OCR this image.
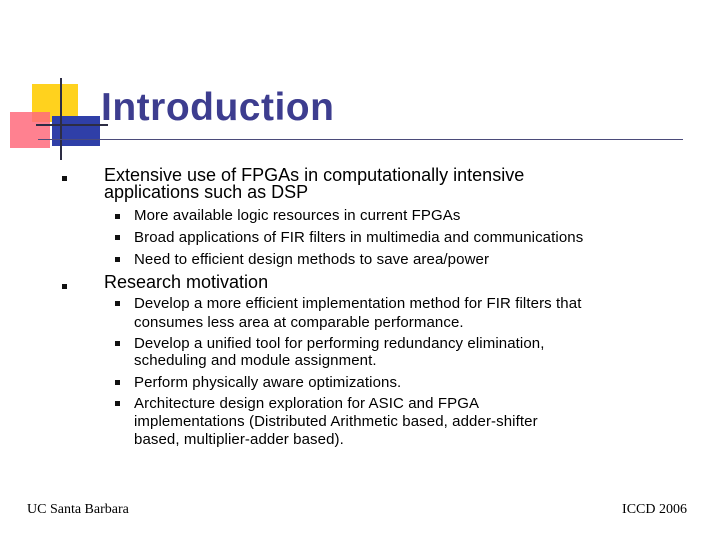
Introduction
Extensive use of FPGAs in computationally intensive
applications such as DSP
More available logic resources in current FPGAs
Broad applications of FIR filters in multimedia and communications
Need to efficient design methods to save area/power
Research motivation
Develop a more efficient implementation method for FIR filters that
consumes less area at comparable performance.
Develop a unified tool for performing redundancy elimination,
scheduling and module assignment.
Perform physically aware optimizations.
Architecture design exploration for ASIC and FPGA
implementations (Distributed Arithmetic based, adder-shifter
based, multiplier-adder based).
UC Santa Barbara	ICCD 2006
